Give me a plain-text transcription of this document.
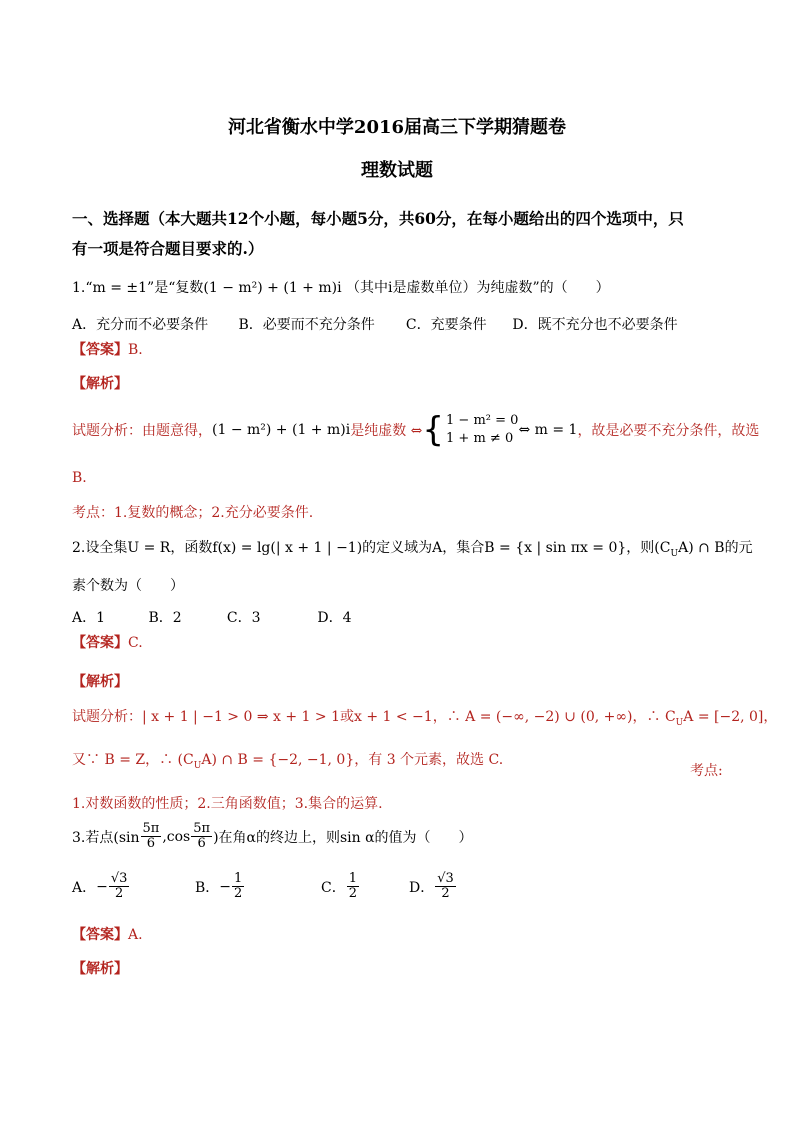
河北省衡水中学2016届高三下学期猜题卷
理数试题
一、选择题（本大题共12个小题，每小题5分，共60分，在每小题给出的四个选项中，只
有一项是符合题目要求的.）
1.“m = ±1”是“复数(1 − m²) + (1 + m)i （其中i是虚数单位）为纯虚数”的（　　）
A．充分而不必要条件 B．必要而不充分条件 C．充要条件 D．既不充分也不必要条件
【答案】B.
【解析】
试题分析：由题意得， (1 − m²) + (1 + m)i 是纯虚数 ⇔ { 1 − m² = 0
1 + m ≠ 0
⇔ m = 1 ，故是必要不充分条件，故选
B.
考点：1.复数的概念；2.充分必要条件.
2.设全集U = R，函数f(x) = lg(| x + 1 | −1)的定义域为A，集合B = {x | sin πx = 0}，则$(C_UA)$ ∩ B的元
素个数为（　　）
A．1	B．2	C．3	D．4
【答案】C.
【解析】
试题分析：| x + 1 | −1 > 0 ⇒ x + 1 > 1或x + 1 < −1，∴ A = (−∞, −2) ∪ (0, +∞)，∴ $C_UA = [-2$, 0]，
又∵ B = Z，∴ $(C_UA)$ ∩ B = {−2, −1, 0}，有 3 个元素，故选 C.
考点:
1.对数函数的性质；2.三角函数值；3.集合的运算.
3.若点($\sin \frac{5\pi}{6} ,\cos \frac{5\pi}{6}$ )在角α的终边上，则sin α的值为（　　）
A． − $\frac{√3}{2}$	B． − $\frac{1}{2}$	C． $\frac{1}{2}$	D． $\frac{√3}{2}$
【答案】A.
【解析】
